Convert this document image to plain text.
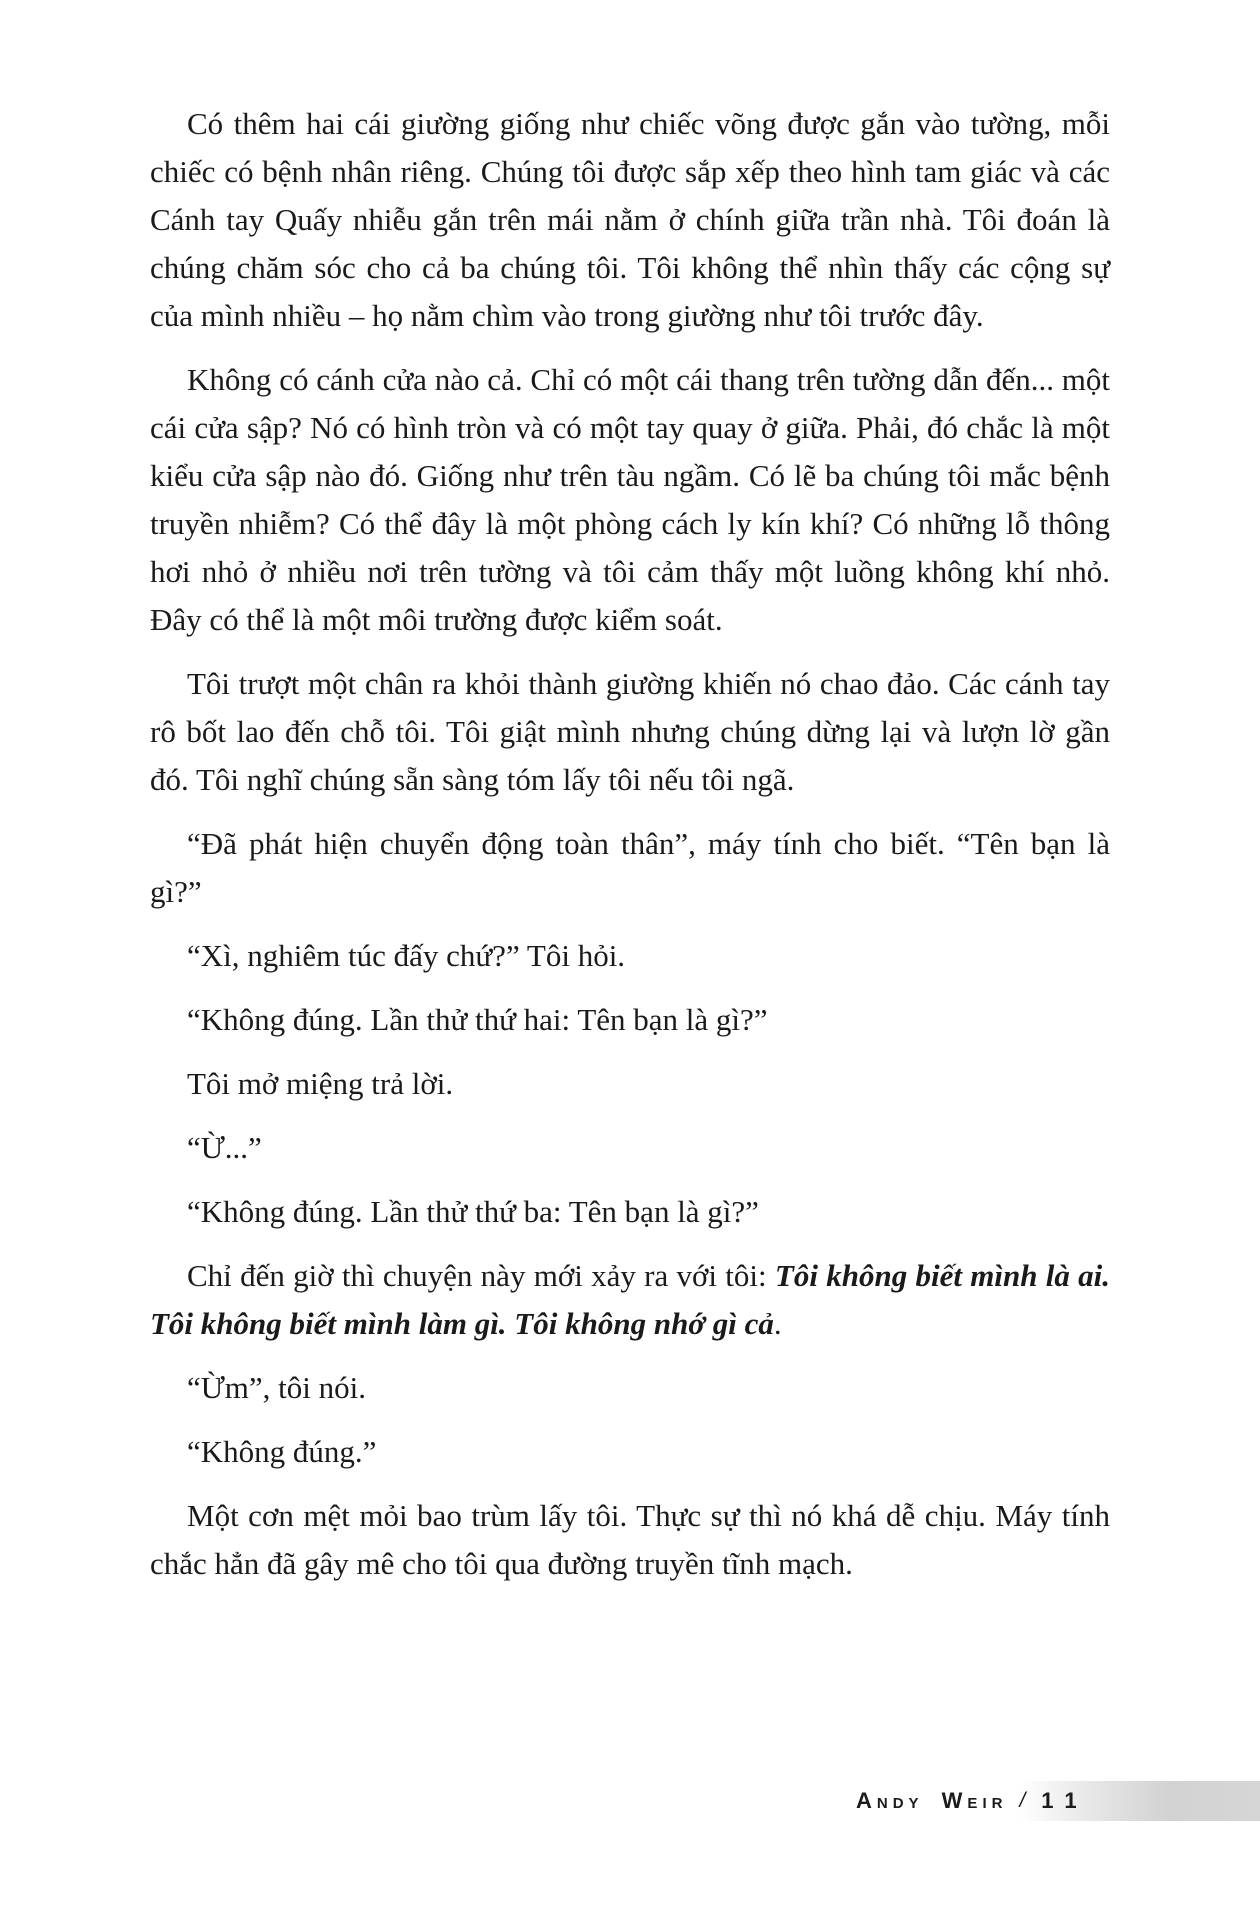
Có thêm hai cái giường giống như chiếc võng được gắn vào tường, mỗi chiếc có bệnh nhân riêng. Chúng tôi được sắp xếp theo hình tam giác và các Cánh tay Quấy nhiễu gắn trên mái nằm ở chính giữa trần nhà. Tôi đoán là chúng chăm sóc cho cả ba chúng tôi. Tôi không thể nhìn thấy các cộng sự của mình nhiều – họ nằm chìm vào trong giường như tôi trước đây.

Không có cánh cửa nào cả. Chỉ có một cái thang trên tường dẫn đến... một cái cửa sập? Nó có hình tròn và có một tay quay ở giữa. Phải, đó chắc là một kiểu cửa sập nào đó. Giống như trên tàu ngầm. Có lẽ ba chúng tôi mắc bệnh truyền nhiễm? Có thể đây là một phòng cách ly kín khí? Có những lỗ thông hơi nhỏ ở nhiều nơi trên tường và tôi cảm thấy một luồng không khí nhỏ. Đây có thể là một môi trường được kiểm soát.

Tôi trượt một chân ra khỏi thành giường khiến nó chao đảo. Các cánh tay rô bốt lao đến chỗ tôi. Tôi giật mình nhưng chúng dừng lại và lượn lờ gần đó. Tôi nghĩ chúng sẵn sàng tóm lấy tôi nếu tôi ngã.

“Đã phát hiện chuyển động toàn thân”, máy tính cho biết. “Tên bạn là gì?”

“Xì, nghiêm túc đấy chứ?” Tôi hỏi.

“Không đúng. Lần thử thứ hai: Tên bạn là gì?”

Tôi mở miệng trả lời.

“Ừ...”

“Không đúng. Lần thử thứ ba: Tên bạn là gì?”

Chỉ đến giờ thì chuyện này mới xảy ra với tôi: Tôi không biết mình là ai. Tôi không biết mình làm gì. Tôi không nhớ gì cả.

“Ừm”, tôi nói.

“Không đúng.”

Một cơn mệt mỏi bao trùm lấy tôi. Thực sự thì nó khá dễ chịu. Máy tính chắc hẳn đã gây mê cho tôi qua đường truyền tĩnh mạch.

Andy Weir / 11
